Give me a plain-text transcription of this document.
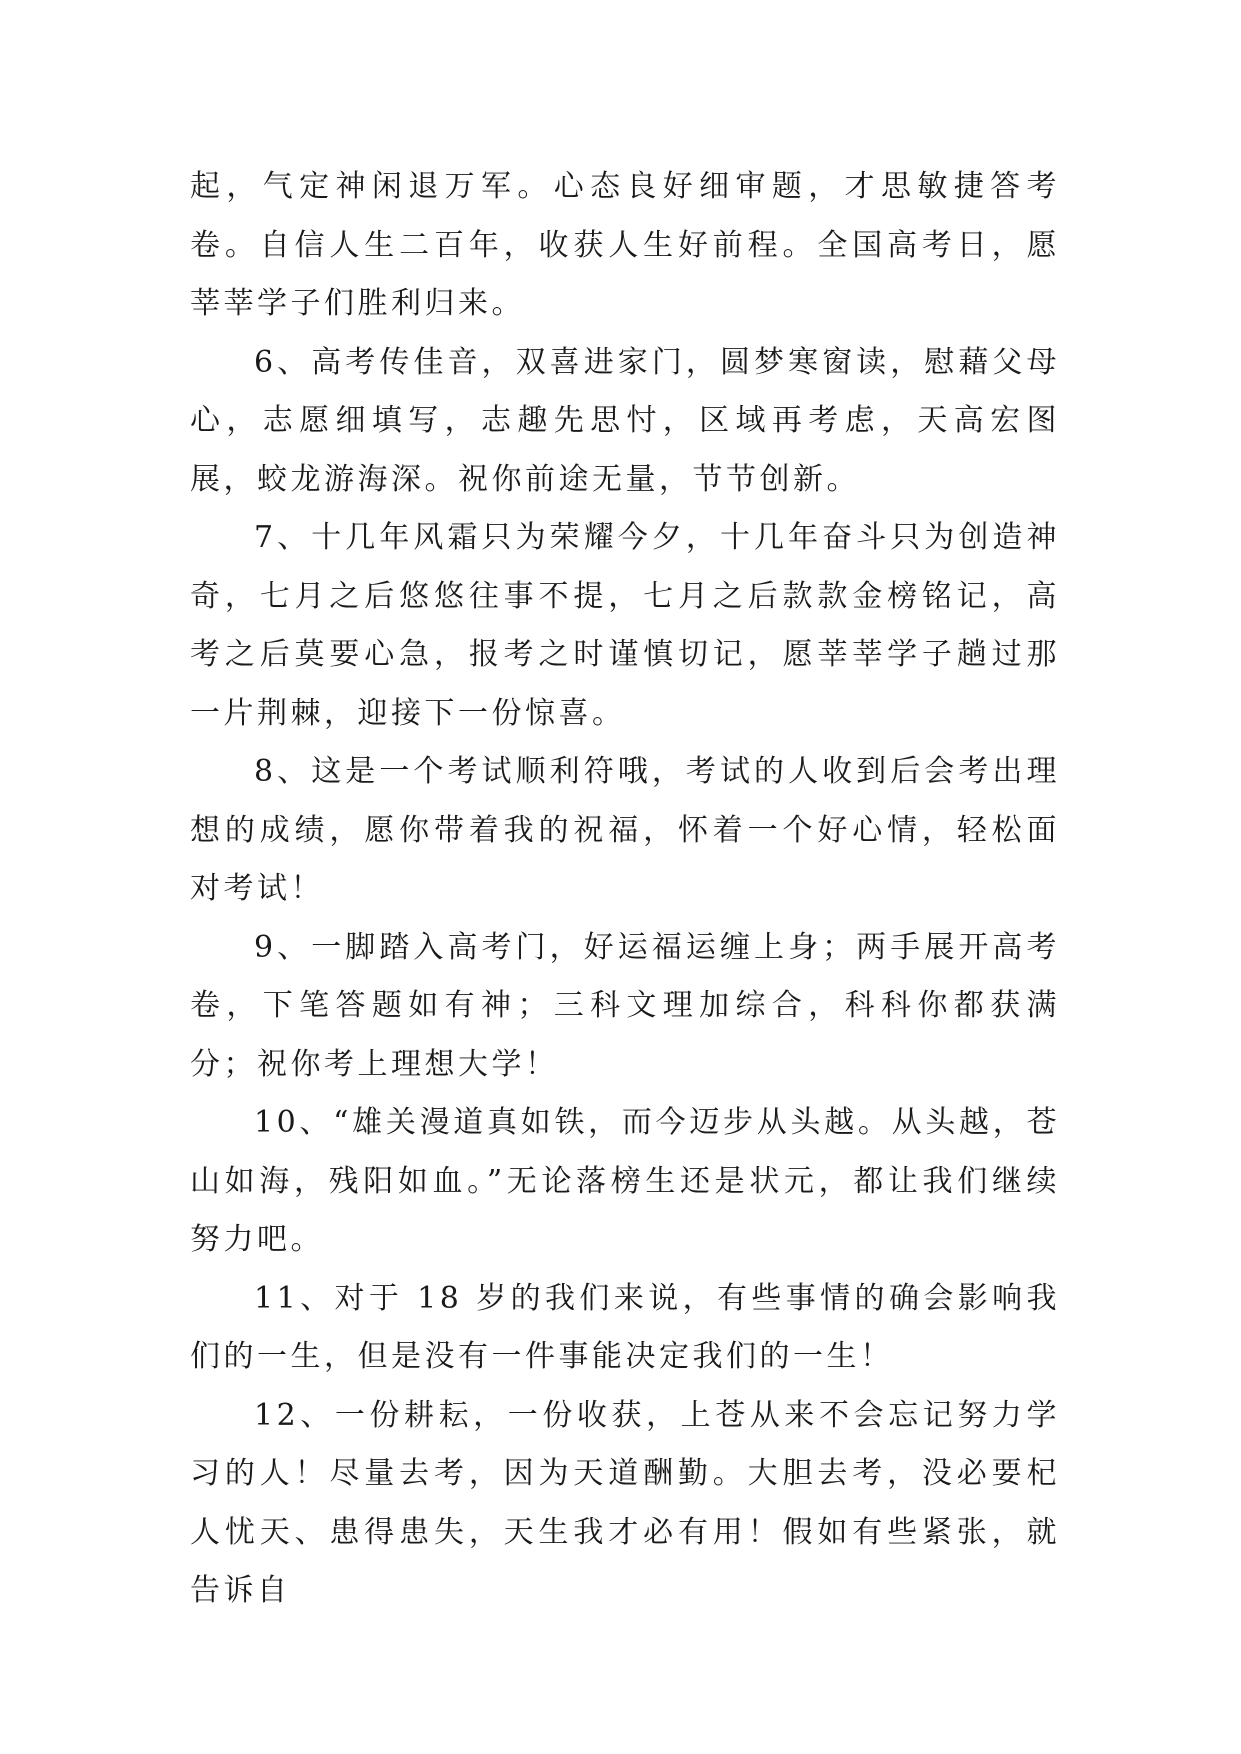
起，气定神闲退万军。心态良好细审题，才思敏捷答考卷。自信人生二百年，收获人生好前程。全国高考日，愿莘莘学子们胜利归来。

6、高考传佳音，双喜进家门，圆梦寒窗读，慰藉父母心，志愿细填写，志趣先思忖，区域再考虑，天高宏图展，蛟龙游海深。祝你前途无量，节节创新。

7、十几年风霜只为荣耀今夕，十几年奋斗只为创造神奇，七月之后悠悠往事不提，七月之后款款金榜铭记，高考之后莫要心急，报考之时谨慎切记，愿莘莘学子趟过那一片荆棘，迎接下一份惊喜。

8、这是一个考试顺利符哦，考试的人收到后会考出理想的成绩，愿你带着我的祝福，怀着一个好心情，轻松面对考试！

9、一脚踏入高考门，好运福运缠上身；两手展开高考卷，下笔答题如有神；三科文理加综合，科科你都获满分；祝你考上理想大学！

10、“雄关漫道真如铁，而今迈步从头越。从头越，苍山如海，残阳如血。”无论落榜生还是状元，都让我们继续努力吧。

11、对于 18 岁的我们来说，有些事情的确会影响我们的一生，但是没有一件事能决定我们的一生！

12、一份耕耘，一份收获，上苍从来不会忘记努力学习的人！尽量去考，因为天道酬勤。大胆去考，没必要杞人忧天、患得患失，天生我才必有用！假如有些紧张，就告诉自
